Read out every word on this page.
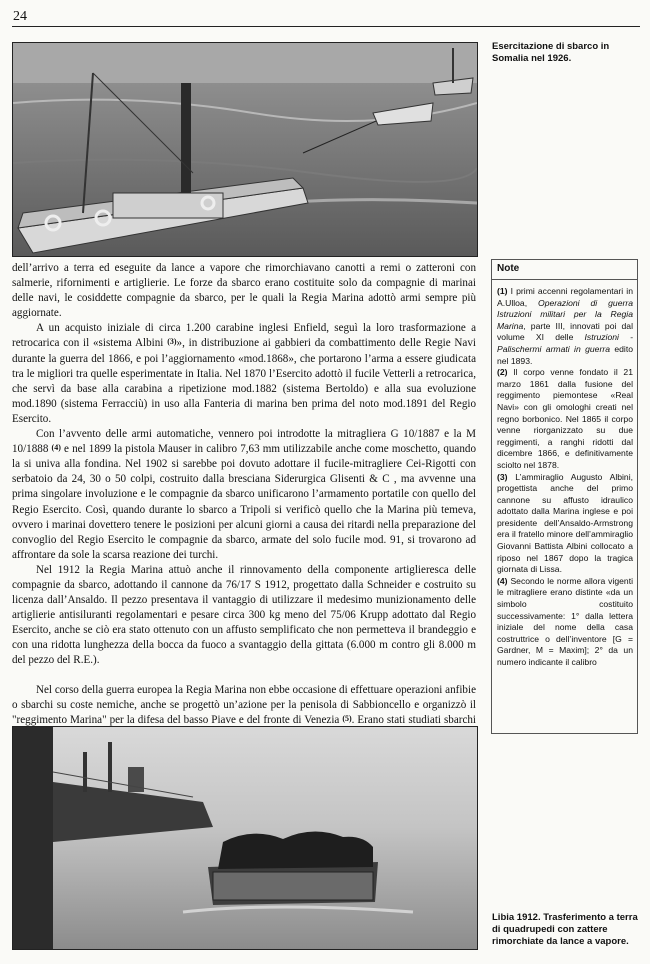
24
Esercitazione di sbarco in Somalia nel 1926.

dell’arrivo a terra ed eseguite da lance a vapore che rimorchiavano canotti a remi o zatteroni con salmerie, rifornimenti e artiglierie. Le forze da sbarco erano costituite solo da compagnie di marinai delle navi, le cosiddette compagnie da sbarco, per le quali la Regia Marina adottò armi sempre più aggiornate.

A un acquisto iniziale di circa 1.200 carabine inglesi Enfield, seguì la loro trasformazione a retrocarica con il «sistema Albini $^{(3)}$», in distribuzione ai gabbieri da combattimento delle Regie Navi durante la guerra del 1866, e poi l’aggiornamento «mod.1868», che portarono l’arma a essere giudicata tra le migliori tra quelle esperimentate in Italia. Nel 1870 l’Esercito adottò il fucile Vetterli a retrocarica, che servì da base alla carabina a ripetizione mod.1882 (sistema Bertoldo) e alla sua evoluzione mod.1890 (sistema Ferracciù) in uso alla Fanteria di marina ben prima del noto mod.1891 del Regio Esercito.

Con l’avvento delle armi automatiche, vennero poi introdotte la mitragliera G 10/1887 e la M 10/1888 $^{(4)}$ e nel 1899 la pistola Mauser in calibro 7,63 mm utilizzabile anche come moschetto, quando la si univa alla fondina. Nel 1902 si sarebbe poi dovuto adottare il fucile-mitragliere Cei-Rigotti con serbatoio da 24, 30 o 50 colpi, costruito dalla bresciana Siderurgica Glisenti & C , ma avvenne una prima singolare involuzione e le compagnie da sbarco unificarono l’armamento portatile con quello del Regio Esercito. Così, quando durante lo sbarco a Tripoli si verificò quello che la Marina più temeva, ovvero i marinai dovettero tenere le posizioni per alcuni giorni a causa dei ritardi nella preparazione del convoglio del Regio Esercito le compagnie da sbarco, armate del solo fucile mod. 91, si trovarono ad affrontare da sole la scarsa reazione dei turchi.

Nel 1912 la Regia Marina attuò anche il rinnovamento della componente artiglieresca delle compagnie da sbarco, adottando il cannone da 76/17 S 1912, progettato dalla Schneider e costruito su licenza dall’Ansaldo. Il pezzo presentava il vantaggio di utilizzare il medesimo munizionamento delle artiglierie antisiluranti regolamentari e pesare circa 300 kg meno del 75/06 Krupp adottato dal Regio Esercito, anche se ciò era stato ottenuto con un affusto semplificato che non permetteva il brandeggio e con una ridotta lunghezza della bocca da fuoco a svantaggio della gittata (6.000 m contro gli 8.000 m del pezzo del R.E.).

Nel corso della guerra europea la Regia Marina non ebbe occasione di effettuare operazioni anfibie o sbarchi su coste nemiche, anche se progettò un’azione per la penisola di Sabbioncello e organizzò il "reggimento Marina" per la difesa del basso Piave e del fronte di Venezia $^{(5)}$. Erano stati studiati sbarchi

Note

(1) I primi accenni regolamentari in A.Ulloa, Operazioni di guerra Istruzioni militari per la Regia Marina, parte III, innovati poi dal volume XI delle Istruzioni - Palischermi armati in guerra edito nel 1893.

(2) Il corpo venne fondato il 21 marzo 1861 dalla fusione del reggimento piemontese «Real Navi» con gli omologhi creati nel regno borbonico. Nel 1865 il corpo venne riorganizzato su due reggimenti, a ranghi ridotti dal dicembre 1866, e definitivamente sciolto nel 1878.

(3) L’ammiraglio Augusto Albini, progettista anche del primo cannone su affusto idraulico adottato dalla Marina inglese e poi presidente dell’Ansaldo-Armstrong era il fratello minore dell’ammiraglio Giovanni Battista Albini collocato a riposo nel 1867 dopo la tragica giornata di Lissa.

(4) Secondo le norme allora vigenti le mitragliere erano distinte «da un simbolo costituito successivamente: 1° dalla lettera iniziale del nome della casa costruttrice o dell’inventore [G = Gardner, M = Maxim]; 2° da un numero indicante il calibro

Libia 1912. Trasferimento a terra di quadrupedi con zattere rimorchiate da lance a vapore.
